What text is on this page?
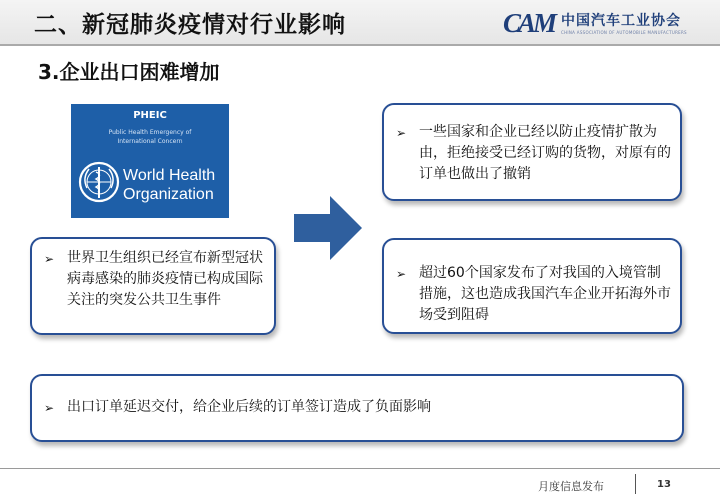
二、新冠肺炎疫情对行业影响	CAM 中国汽车工业协会
CHINA ASSOCIATION OF AUTOMOBILE MANUFACTURERS
3.企业出口困难增加
PHEIC
Public Health Emergency of
International Concern
World Health
Organization
➢ 一些国家和企业已经以防止疫情扩散为由，拒绝接受已经订购的货物，对原有的订单也做出了撤销
➢ 世界卫生组织已经宣布新型冠状病毒感染的肺炎疫情已构成国际关注的突发公共卫生事件
➢ 超过60个国家发布了对我国的入境管制措施，这也造成我国汽车企业开拓海外市场受到阻碍
➢ 出口订单延迟交付，给企业后续的订单签订造成了负面影响
月度信息发布	13
